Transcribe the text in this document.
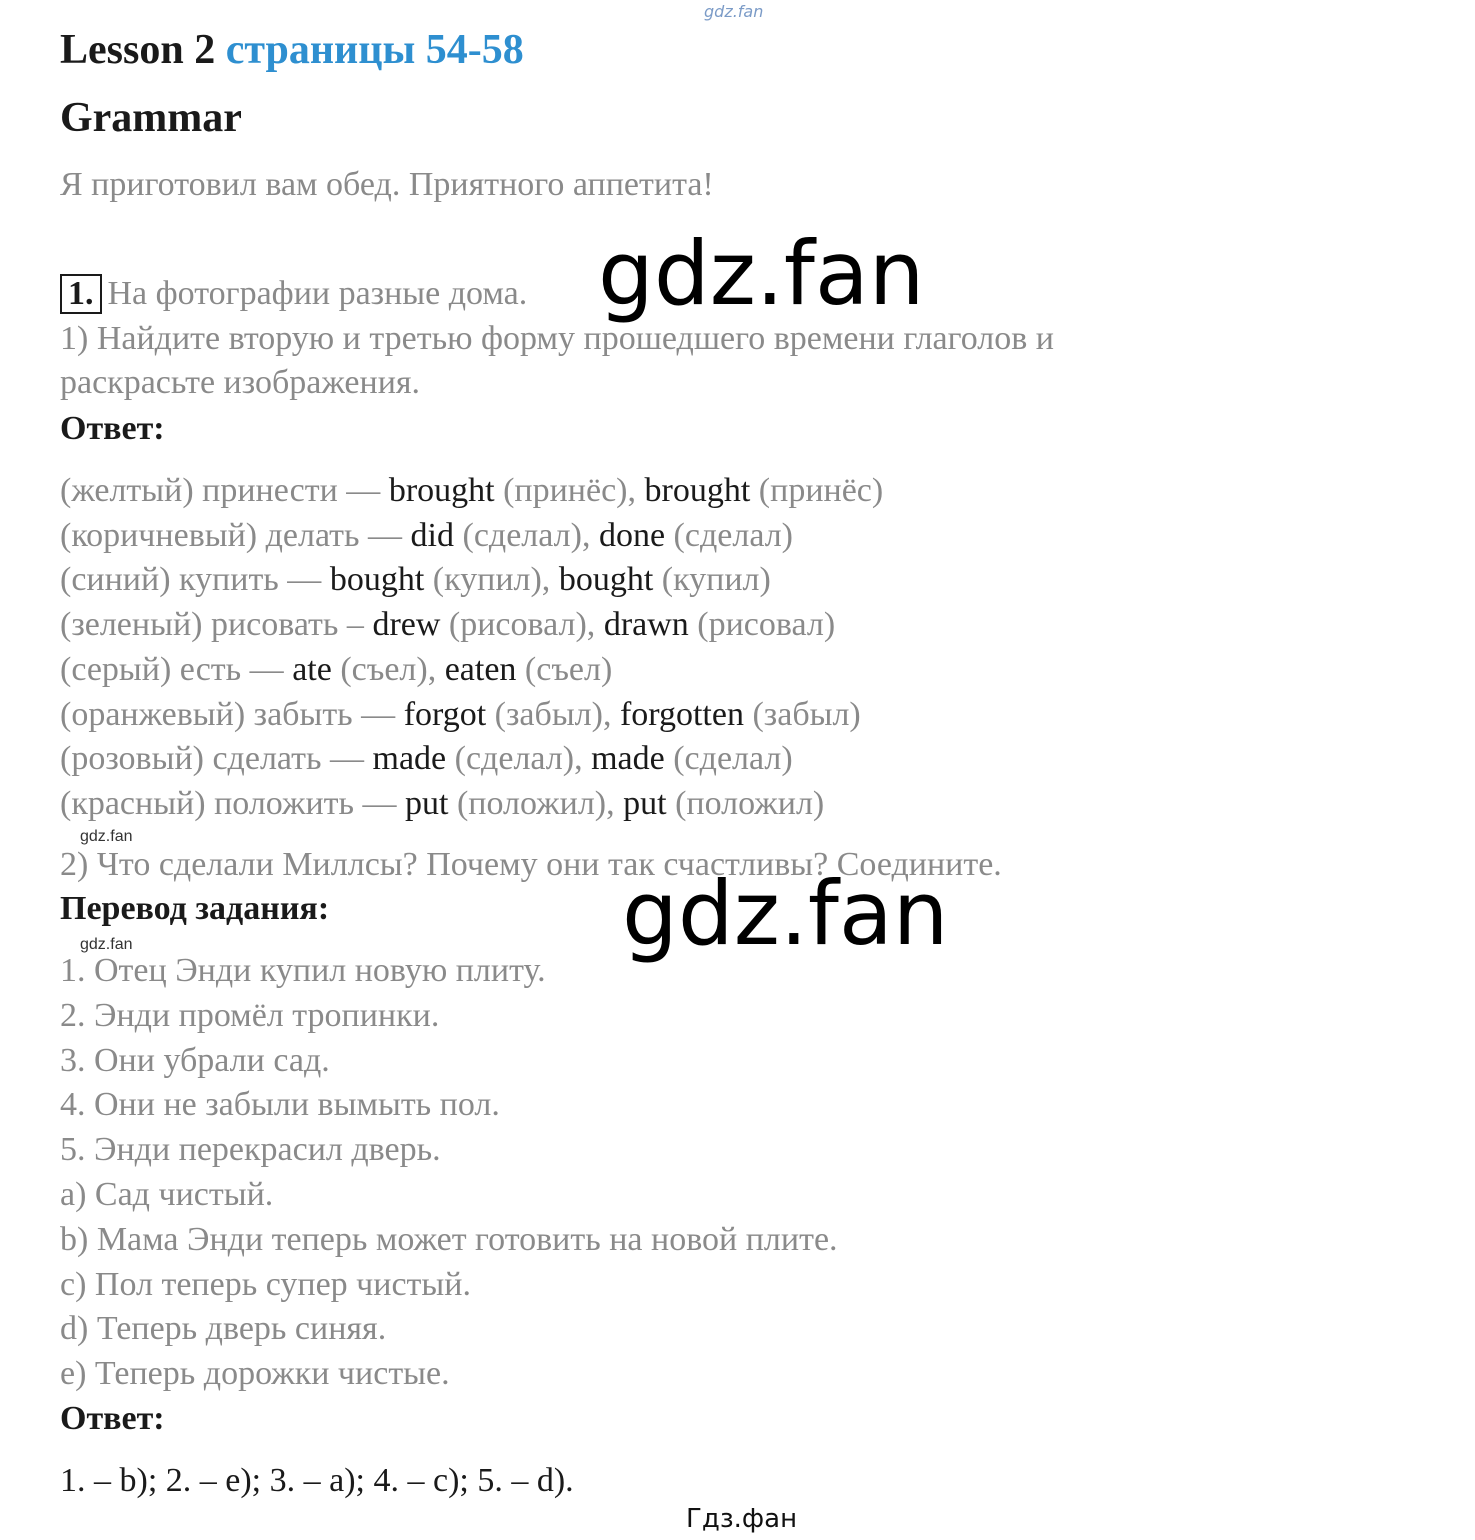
gdz.fan
Lesson 2 страницы 54-58
Grammar
Я приготовил вам обед. Приятного аппетита!
1. На фотографии разные дома. gdz.fan
1) Найдите вторую и третью форму прошедшего времени глаголов и
раскрасьте изображения.
Ответ:
(желтый) принести — brought (принёс), brought (принёс)
(коричневый) делать — did (сделал), done (сделал)
(синий) купить — bought (купил), bought (купил)
(зеленый) рисовать – drew (рисовал), drawn (рисовал)
(серый) есть — ate (съел), eaten (съел)
(оранжевый) забыть — forgot (забыл), forgotten (забыл)
(розовый) сделать — made (сделал), made (сделал)
(красный) положить — put (положил), put (положил)
gdz.fan
2) Что сделали Миллсы? Почему они так счастливы? Соедините.
Перевод задания:	gdz.fan
gdz.fan
1. Отец Энди купил новую плиту.
2. Энди промёл тропинки.
3. Они убрали сад.
4. Они не забыли вымыть пол.
5. Энди перекрасил дверь.
a) Сад чистый.
b) Мама Энди теперь может готовить на новой плите.
c) Пол теперь супер чистый.
d) Теперь дверь синяя.
e) Теперь дорожки чистые.
Ответ:
1. – b); 2. – e); 3. – a); 4. – c); 5. – d).
Гдз.фан
